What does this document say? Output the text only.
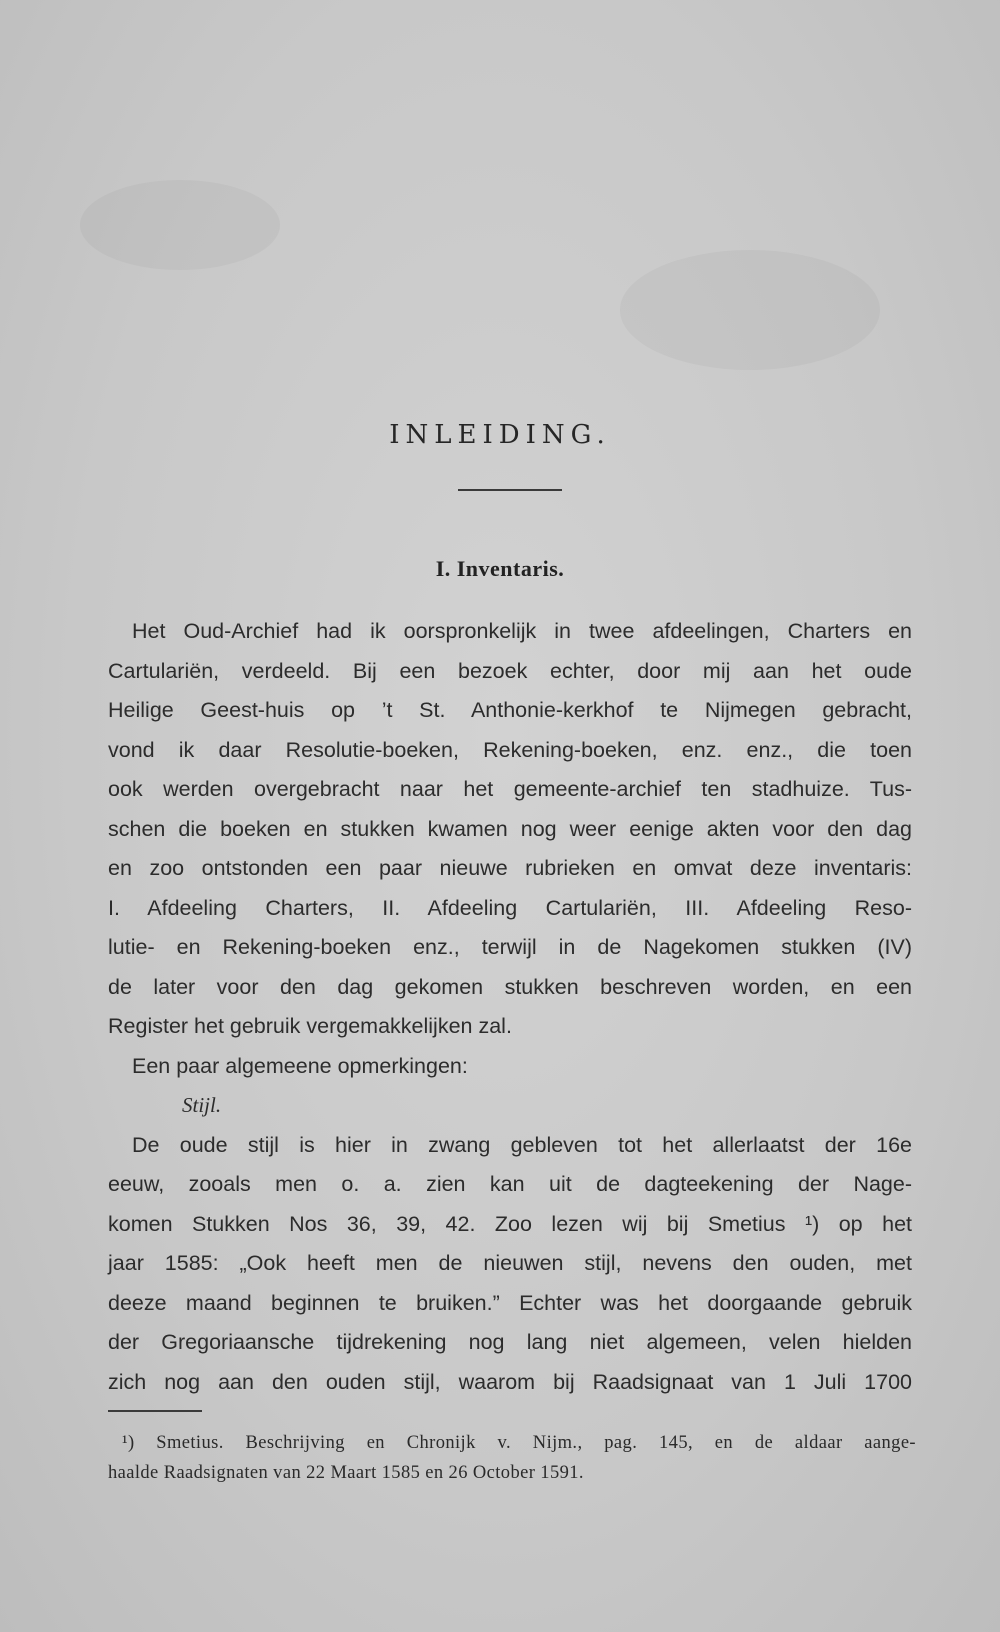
INLEIDING.
I. Inventaris.
Het Oud-Archief had ik oorspronkelijk in twee afdeelingen, Charters en
Cartulariën, verdeeld. Bij een bezoek echter, door mij aan het oude
Heilige Geest-huis op ’t St. Anthonie-kerkhof te Nijmegen gebracht,
vond ik daar Resolutie-boeken, Rekening-boeken, enz. enz., die toen
ook werden overgebracht naar het gemeente-archief ten stadhuize. Tus-
schen die boeken en stukken kwamen nog weer eenige akten voor den dag
en zoo ontstonden een paar nieuwe rubrieken en omvat deze inventaris:
I. Afdeeling Charters, II. Afdeeling Cartulariën, III. Afdeeling Reso-
lutie- en Rekening-boeken enz., terwijl in de Nagekomen stukken (IV)
de later voor den dag gekomen stukken beschreven worden, en een
Register het gebruik vergemakkelijken zal.
Een paar algemeene opmerkingen:
Stijl.
De oude stijl is hier in zwang gebleven tot het allerlaatst der 16e
eeuw, zooals men o. a. zien kan uit de dagteekening der Nage-
komen Stukken Nos 36, 39, 42. Zoo lezen wij bij Smetius ¹) op het
jaar 1585: „Ook heeft men de nieuwen stijl, nevens den ouden, met
deeze maand beginnen te bruiken.” Echter was het doorgaande gebruik
der Gregoriaansche tijdrekening nog lang niet algemeen, velen hielden
zich nog aan den ouden stijl, waarom bij Raadsignaat van 1 Juli 1700
¹) Smetius. Beschrijving en Chronijk v. Nijm., pag. 145, en de aldaar aange-
haalde Raadsignaten van 22 Maart 1585 en 26 October 1591.
